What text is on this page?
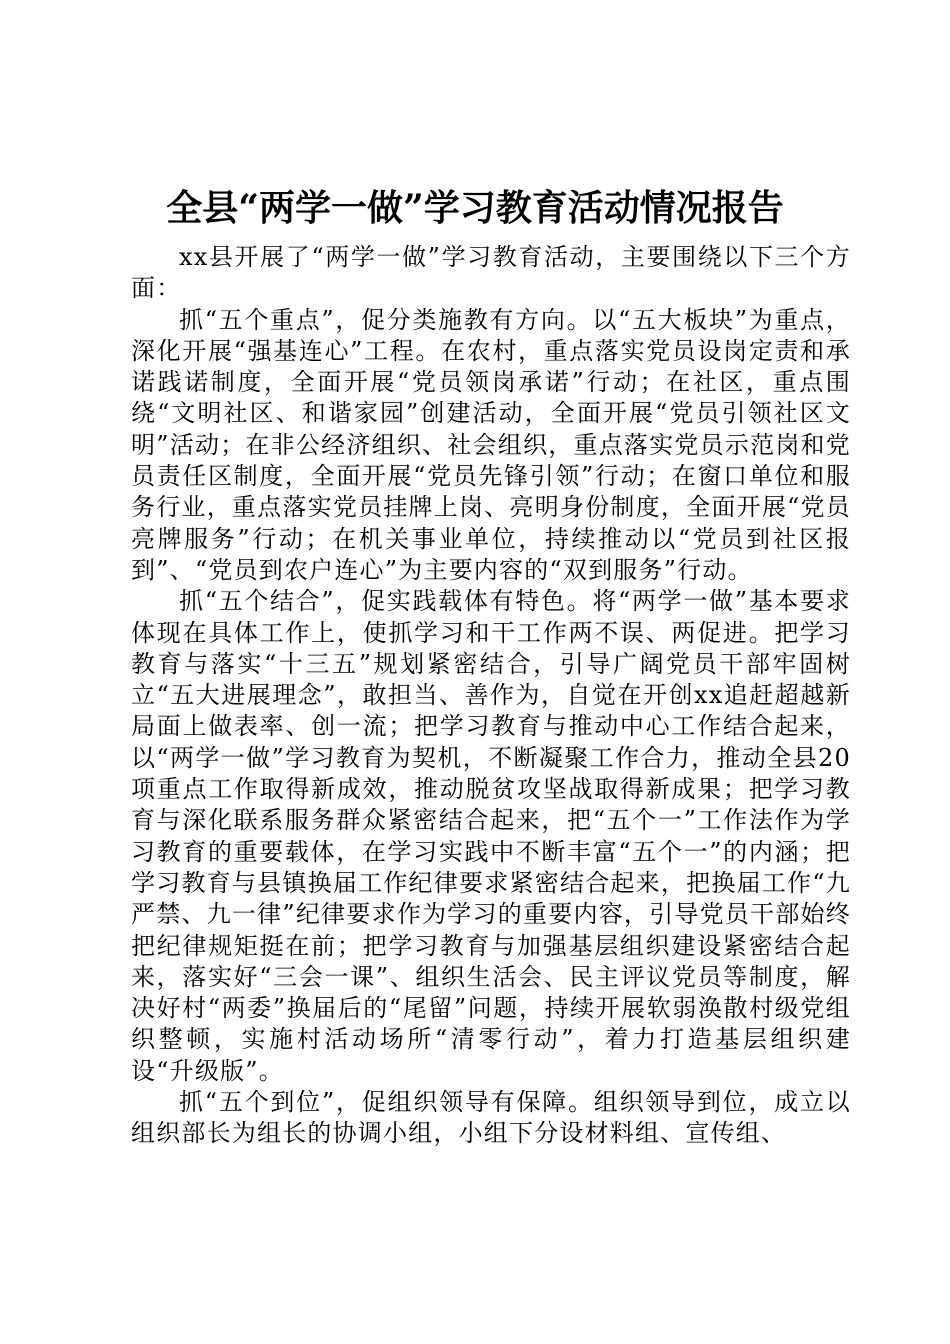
全县“两学一做”学习教育活动情况报告

xx县开展了“两学一做”学习教育活动，主要围绕以下三个方面：

抓“五个重点”，促分类施教有方向。以“五大板块”为重点，深化开展“强基连心”工程。在农村，重点落实党员设岗定责和承诺践诺制度，全面开展“党员领岗承诺”行动；在社区，重点围绕“文明社区、和谐家园”创建活动，全面开展“党员引领社区文明”活动；在非公经济组织、社会组织，重点落实党员示范岗和党员责任区制度，全面开展“党员先锋引领”行动；在窗口单位和服务行业，重点落实党员挂牌上岗、亮明身份制度，全面开展“党员亮牌服务”行动；在机关事业单位，持续推动以“党员到社区报到”、“党员到农户连心”为主要内容的“双到服务”行动。

抓“五个结合”，促实践载体有特色。将“两学一做”基本要求体现在具体工作上，使抓学习和干工作两不误、两促进。把学习教育与落实“十三五”规划紧密结合，引导广阔党员干部牢固树立“五大进展理念”，敢担当、善作为，自觉在开创xx追赶超越新局面上做表率、创一流；把学习教育与推动中心工作结合起来，以“两学一做”学习教育为契机，不断凝聚工作合力，推动全县20项重点工作取得新成效，推动脱贫攻坚战取得新成果；把学习教育与深化联系服务群众紧密结合起来，把“五个一”工作法作为学习教育的重要载体，在学习实践中不断丰富“五个一”的内涵；把学习教育与县镇换届工作纪律要求紧密结合起来，把换届工作“九严禁、九一律”纪律要求作为学习的重要内容，引导党员干部始终把纪律规矩挺在前；把学习教育与加强基层组织建设紧密结合起来，落实好“三会一课”、组织生活会、民主评议党员等制度，解决好村“两委”换届后的“尾留”问题，持续开展软弱涣散村级党组织整顿，实施村活动场所“清零行动”，着力打造基层组织建设“升级版”。

抓“五个到位”，促组织领导有保障。组织领导到位，成立以组织部长为组长的协调小组，小组下分设材料组、宣传组、
